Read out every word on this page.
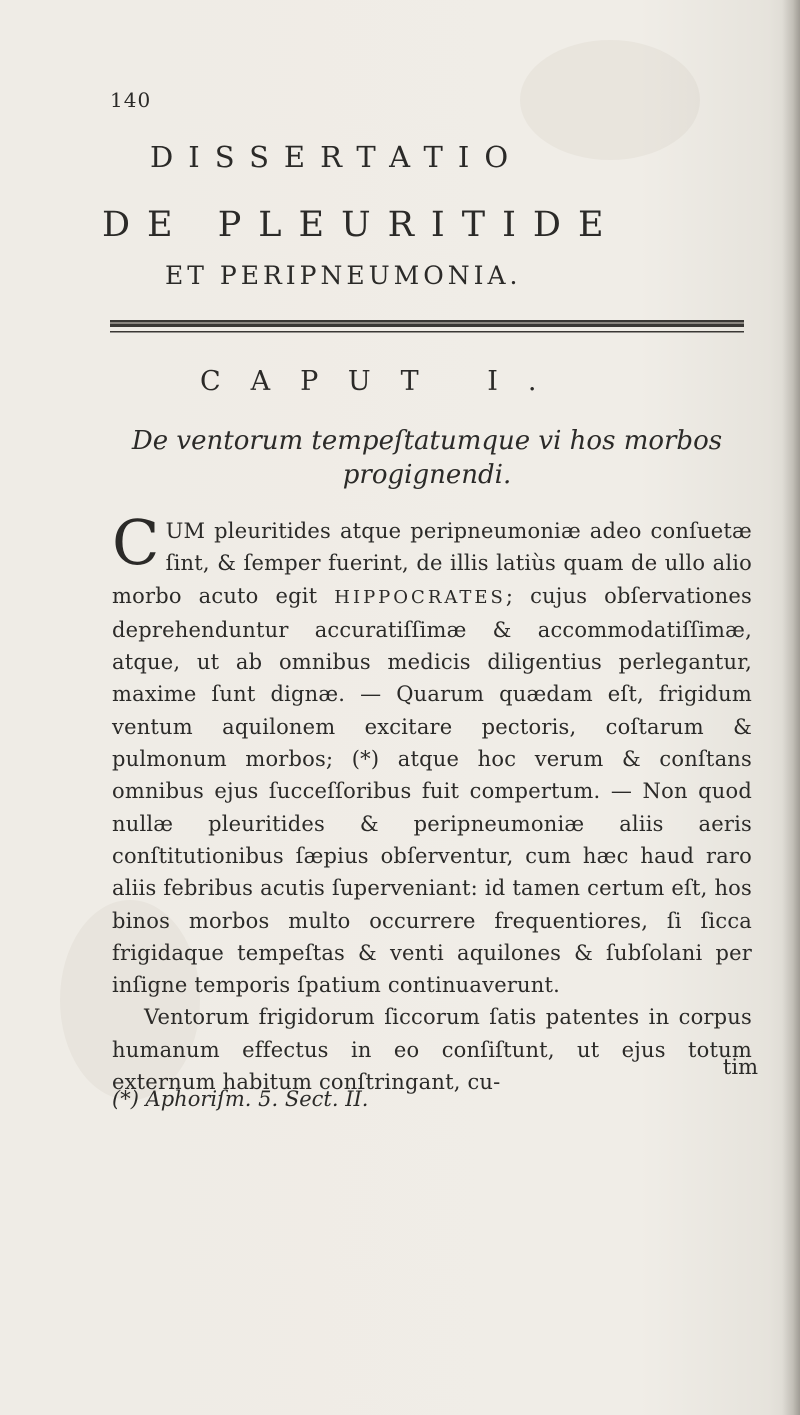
140
DISSERTATIO
DE PLEURITIDE
ET PERIPNEUMONIA.
CAPUT I.

De ventorum tempeſtatumque vi hos morbos progignendi.

CUM pleuritides atque peripneumoniæ adeo conſuetæ ſint, & ſemper fuerint, de illis latiùs quam de ullo alio morbo acuto egit HIPPOCRATES; cujus obſervationes deprehenduntur accuratiſſimæ & accommodatiſſimæ, atque, ut ab omnibus medicis diligentius perlegantur, maxime ſunt dignæ. — Quarum quædam eſt, frigidum ventum aquilonem excitare pectoris, coſtarum & pulmonum morbos; (*) atque hoc verum & conſtans omnibus ejus ſucceſſoribus fuit compertum. — Non quod nullæ pleuritides & peripneumoniæ aliis aeris conſtitutionibus ſæpius obſerventur, cum hæc haud raro aliis febribus acutis ſuperveniant: id tamen certum eſt, hos binos morbos multo occurrere frequentiores, ſi ſicca frigidaque tempeſtas & venti aquilones & ſubſolani per inſigne temporis ſpatium continuaverunt.

Ventorum frigidorum ſiccorum ſatis patentes in corpus humanum effectus in eo conſiſtunt, ut ejus totum externum habitum conſtringant, cu-

tim
(*) Aphoriſm. 5. Sect. II.
